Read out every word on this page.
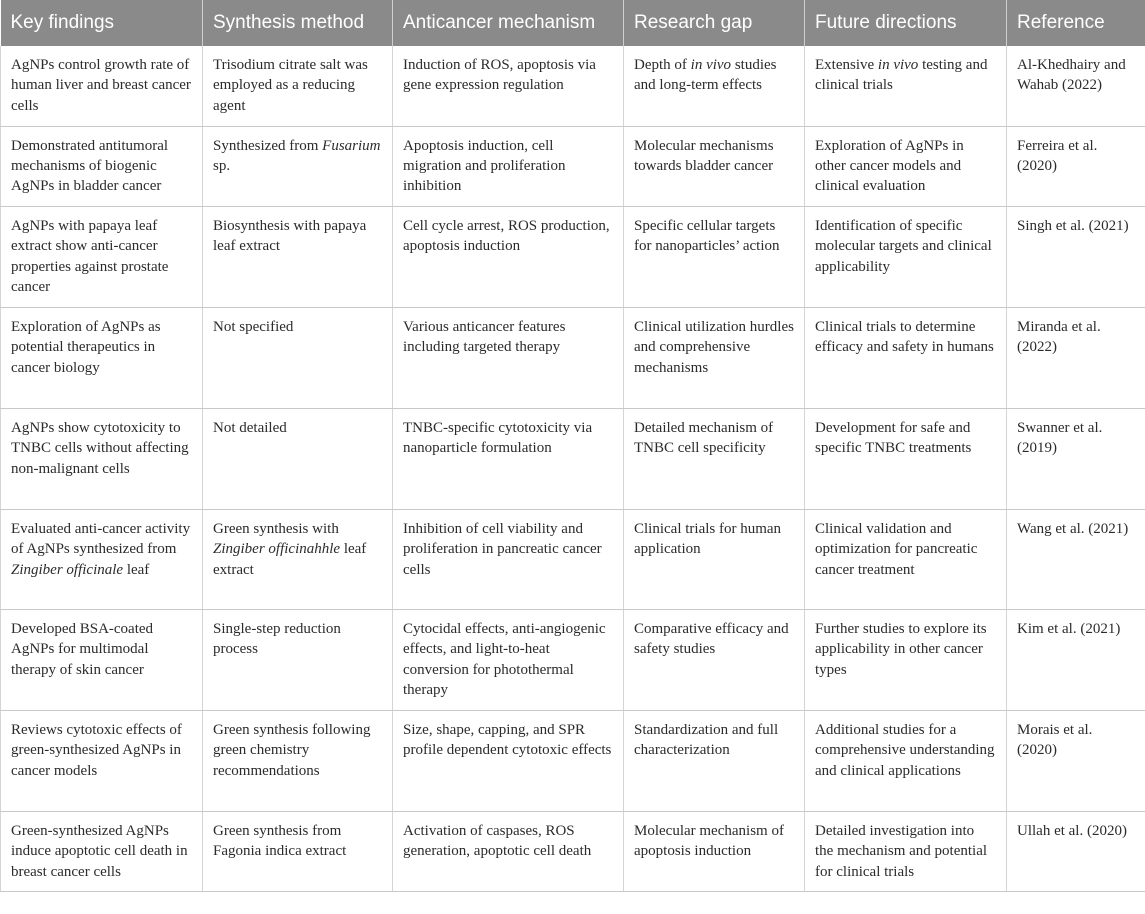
Key findings	Synthesis method	Anticancer mechanism	Research gap	Future directions	Reference
AgNPs control growth rate of human liver and breast cancer cells	Trisodium citrate salt was employed as a reducing agent	Induction of ROS, apoptosis via gene expression regulation	Depth of in vivo studies and long-term effects	Extensive in vivo testing and clinical trials	Al-Khedhairy and Wahab (2022)
Demonstrated antitumoral mechanisms of biogenic AgNPs in bladder cancer	Synthesized from Fusarium sp.	Apoptosis induction, cell migration and proliferation inhibition	Molecular mechanisms towards bladder cancer	Exploration of AgNPs in other cancer models and clinical evaluation	Ferreira et al. (2020)
AgNPs with papaya leaf extract show anti-cancer properties against prostate cancer	Biosynthesis with papaya leaf extract	Cell cycle arrest, ROS production, apoptosis induction	Specific cellular targets for nanoparticles’ action	Identification of specific molecular targets and clinical applicability	Singh et al. (2021)
Exploration of AgNPs as potential therapeutics in cancer biology	Not specified	Various anticancer features including targeted therapy	Clinical utilization hurdles and comprehensive mechanisms	Clinical trials to determine efficacy and safety in humans	Miranda et al. (2022)
AgNPs show cytotoxicity to TNBC cells without affecting non-malignant cells	Not detailed	TNBC-specific cytotoxicity via nanoparticle formulation	Detailed mechanism of TNBC cell specificity	Development for safe and specific TNBC treatments	Swanner et al. (2019)
Evaluated anti-cancer activity of AgNPs synthesized from Zingiber officinale leaf	Green synthesis with Zingiber officinahhle leaf extract	Inhibition of cell viability and proliferation in pancreatic cancer cells	Clinical trials for human application	Clinical validation and optimization for pancreatic cancer treatment	Wang et al. (2021)
Developed BSA-coated AgNPs for multimodal therapy of skin cancer	Single-step reduction process	Cytocidal effects, anti-angiogenic effects, and light-to-heat conversion for photothermal therapy	Comparative efficacy and safety studies	Further studies to explore its applicability in other cancer types	Kim et al. (2021)
Reviews cytotoxic effects of green-synthesized AgNPs in cancer models	Green synthesis following green chemistry recommendations	Size, shape, capping, and SPR profile dependent cytotoxic effects	Standardization and full characterization	Additional studies for a comprehensive understanding and clinical applications	Morais et al. (2020)
Green-synthesized AgNPs induce apoptotic cell death in breast cancer cells	Green synthesis from Fagonia indica extract	Activation of caspases, ROS generation, apoptotic cell death	Molecular mechanism of apoptosis induction	Detailed investigation into the mechanism and potential for clinical trials	Ullah et al. (2020)
